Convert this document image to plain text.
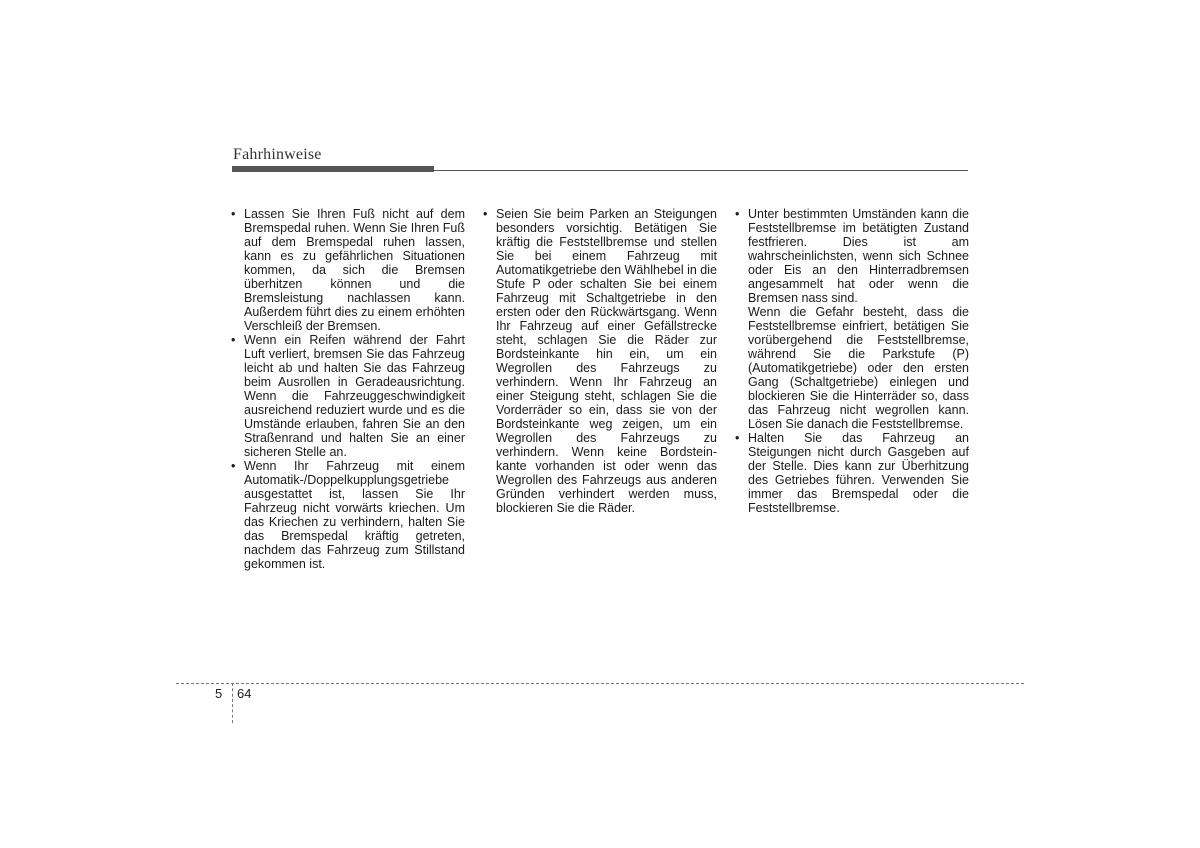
Fahrhinweise
• Lassen Sie Ihren Fuß nicht auf dem Bremspedal ruhen. Wenn Sie Ihren Fuß auf dem Bremspedal ruhen lassen, kann es zu gefährlichen Situationen kommen, da sich die Bremsen überhitzen können und die Bremsleistung nachlassen kann. Außerdem führt dies zu einem erhöhten Verschleiß der Bremsen.

• Wenn ein Reifen während der Fahrt Luft verliert, bremsen Sie das Fahrzeug leicht ab und halten Sie das Fahrzeug beim Ausrollen in Geradeausrichtung. Wenn die Fahrzeuggeschwindigkeit ausreichend reduziert wurde und es die Umstände erlauben, fahren Sie an den Straßenrand und halten Sie an einer sicheren Stelle an.

• Wenn Ihr Fahrzeug mit einem Automatik-/Doppelkupplungsgetriebe ausgestattet ist, lassen Sie Ihr Fahrzeug nicht vorwärts kriechen. Um das Kriechen zu verhindern, halten Sie das Bremspedal kräftig getreten, nachdem das Fahrzeug zum Stillstand gekommen ist.

• Seien Sie beim Parken an Steigungen besonders vorsichtig. Betätigen Sie kräftig die Feststellbremse und stellen Sie bei einem Fahrzeug mit Automatikgetriebe den Wählhebel in die Stufe P oder schalten Sie bei einem Fahrzeug mit Schaltgetriebe in den ersten oder den Rückwärtsgang. Wenn Ihr Fahrzeug auf einer Gefällstrecke steht, schlagen Sie die Räder zur Bordsteinkante hin ein, um ein Wegrollen des Fahrzeugs zu verhindern. Wenn Ihr Fahrzeug an einer Steigung steht, schlagen Sie die Vorderräder so ein, dass sie von der Bordsteinkante weg zeigen, um ein Wegrollen des Fahrzeugs zu verhindern. Wenn keine Bordstein-kante vorhanden ist oder wenn das Wegrollen des Fahrzeugs aus anderen Gründen verhindert werden muss, blockieren Sie die Räder.

• Unter bestimmten Umständen kann die Feststellbremse im betätigten Zustand festfrieren. Dies ist am wahrscheinlichsten, wenn sich Schnee oder Eis an den Hinterradbremsen angesammelt hat oder wenn die Bremsen nass sind.

Wenn die Gefahr besteht, dass die Feststellbremse einfriert, betätigen Sie vorübergehend die Feststellbremse, während Sie die Parkstufe (P) (Automatikgetriebe) oder den ersten Gang (Schaltgetriebe) einlegen und blockieren Sie die Hinterräder so, dass das Fahrzeug nicht wegrollen kann. Lösen Sie danach die Feststellbremse.

• Halten Sie das Fahrzeug an Steigungen nicht durch Gasgeben auf der Stelle. Dies kann zur Überhitzung des Getriebes führen. Verwenden Sie immer das Bremspedal oder die Feststellbremse.

5 64
